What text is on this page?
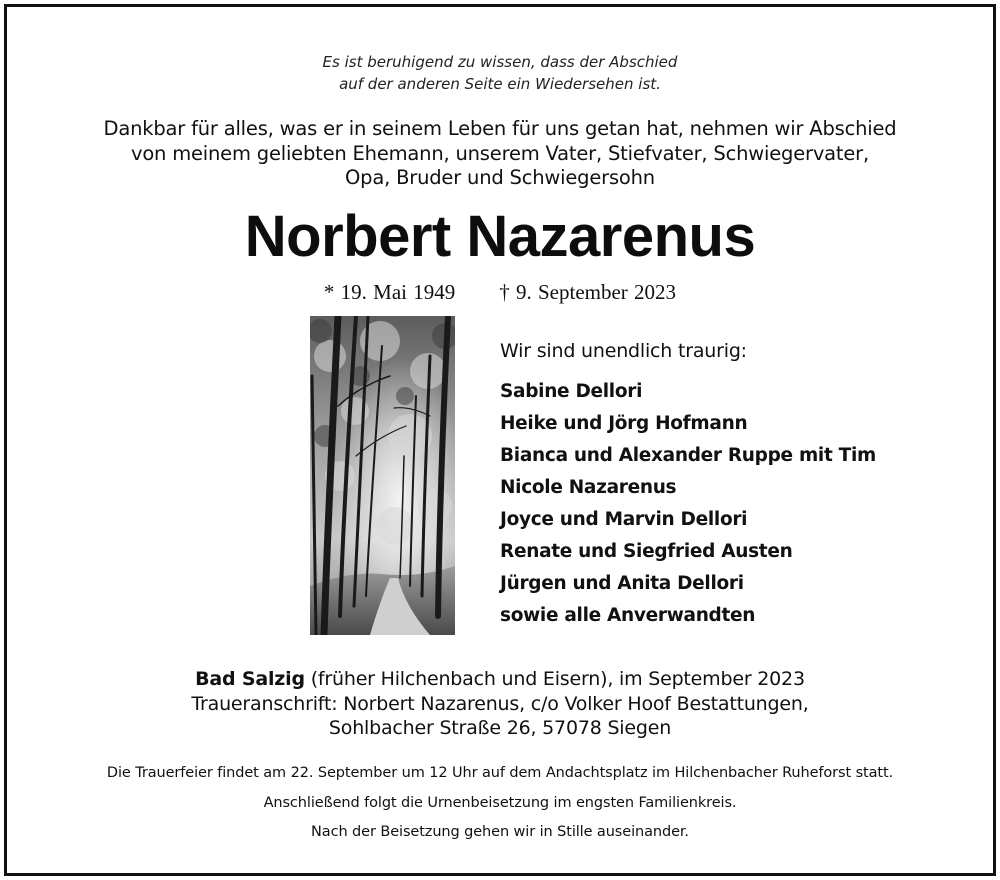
Es ist beruhigend zu wissen, dass der Abschied
auf der anderen Seite ein Wiedersehen ist.
Dankbar für alles, was er in seinem Leben für uns getan hat, nehmen wir Abschied
von meinem geliebten Ehemann, unserem Vater, Stiefvater, Schwiegervater,
Opa, Bruder und Schwiegersohn
Norbert Nazarenus
* 19. Mai 1949 † 9. September 2023
Wir sind unendlich traurig:
Sabine Dellori
Heike und Jörg Hofmann
Bianca und Alexander Ruppe mit Tim
Nicole Nazarenus
Joyce und Marvin Dellori
Renate und Siegfried Austen
Jürgen und Anita Dellori
sowie alle Anverwandten
Bad Salzig (früher Hilchenbach und Eisern), im September 2023
Traueranschrift: Norbert Nazarenus, c/o Volker Hoof Bestattungen,
Sohlbacher Straße 26, 57078 Siegen
Die Trauerfeier findet am 22. September um 12 Uhr auf dem Andachtsplatz im Hilchenbacher Ruheforst statt.
Anschließend folgt die Urnenbeisetzung im engsten Familienkreis.
Nach der Beisetzung gehen wir in Stille auseinander.
